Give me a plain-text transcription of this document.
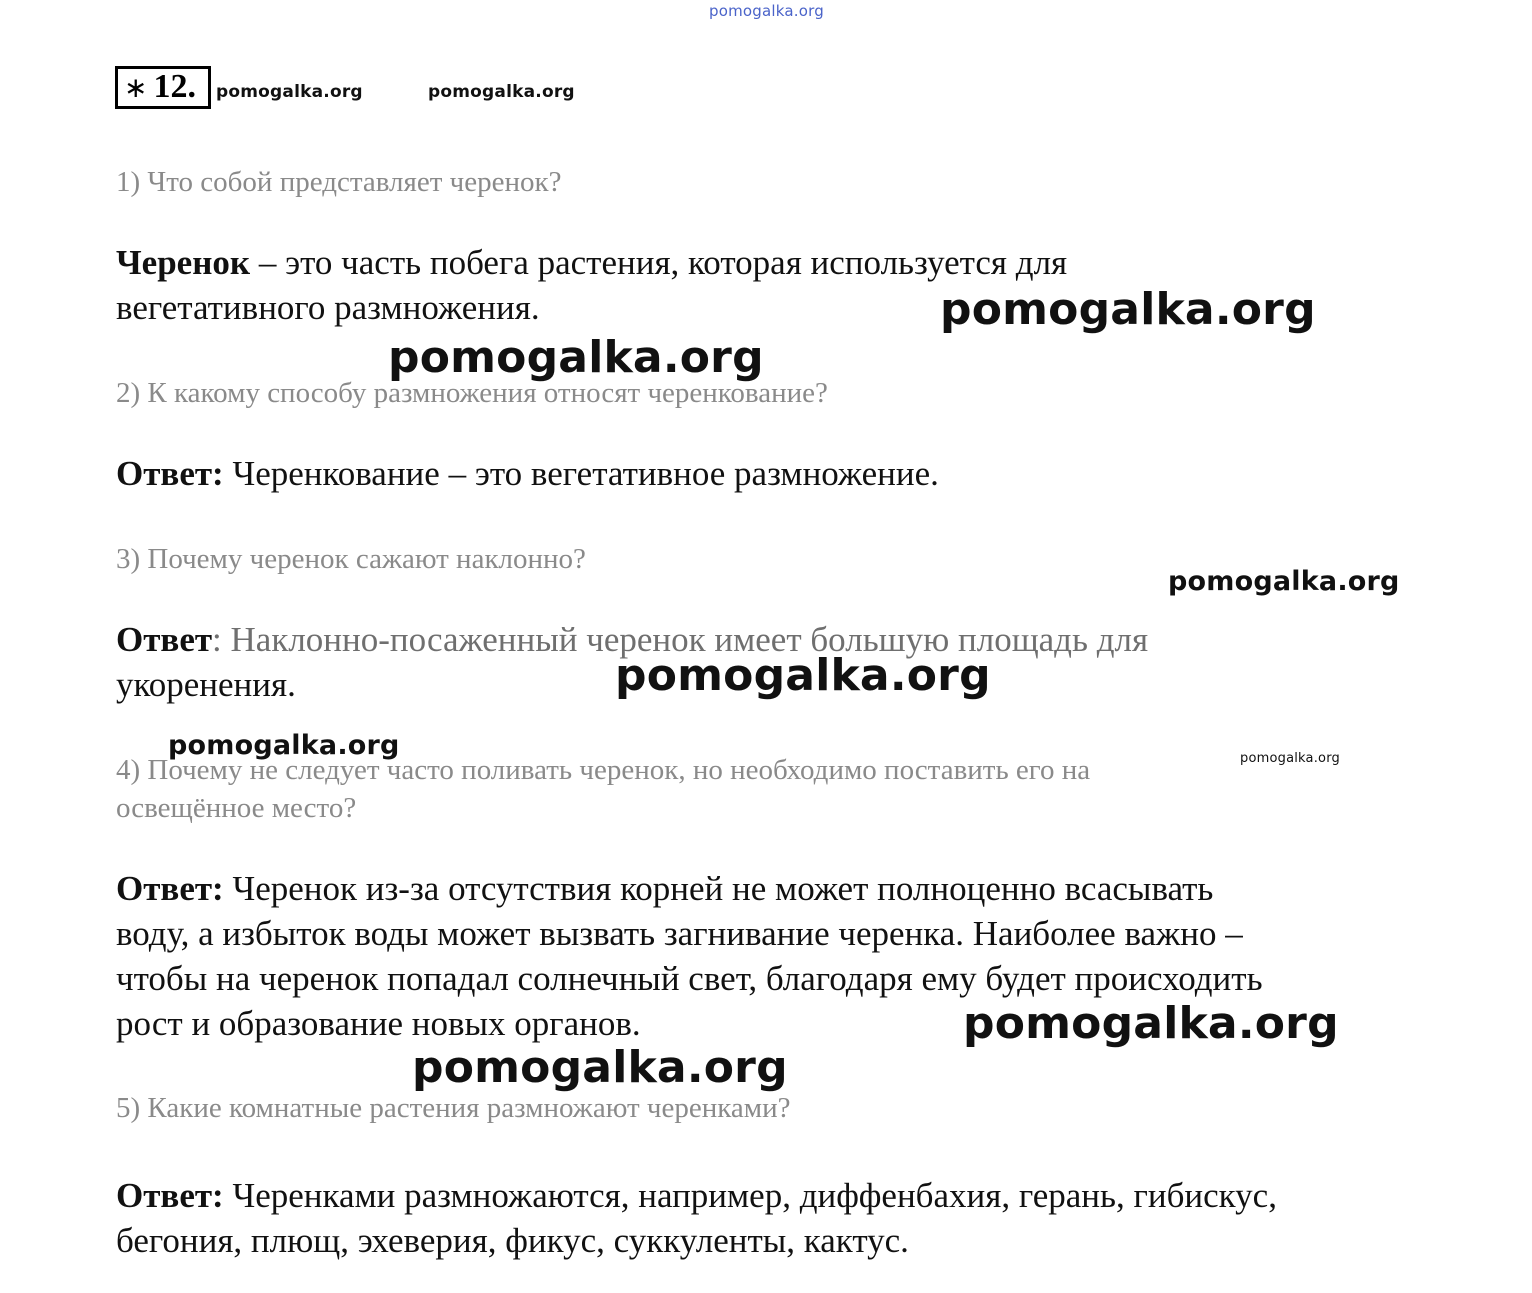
pomogalka.org
∗ 12.	pomogalka.org	pomogalka.org
1) Что собой представляет черенок?
Черенок – это часть побега растения, которая используется для
вегетативного размножения.	pomogalka.org
pomogalka.org
2) К какому способу размножения относят черенкование?
Ответ: Черенкование – это вегетативное размножение.
3) Почему черенок сажают наклонно?
pomogalka.org
Ответ: Наклонно-посаженный черенок имеет большую площадь для
укоренения.	pomogalka.org
pomogalka.org	pomogalka.org
4) Почему не следует часто поливать черенок, но необходимо поставить его на
освещённое место?
Ответ: Черенок из-за отсутствия корней не может полноценно всасывать
воду, а избыток воды может вызвать загнивание черенка. Наиболее важно –
чтобы на черенок попадал солнечный свет, благодаря ему будет происходить
рост и образование новых органов.	pomogalka.org
pomogalka.org
5) Какие комнатные растения размножают черенками?
Ответ: Черенками размножаются, например, диффенбахия, герань, гибискус,
бегония, плющ, эхеверия, фикус, суккуленты, кактус.
